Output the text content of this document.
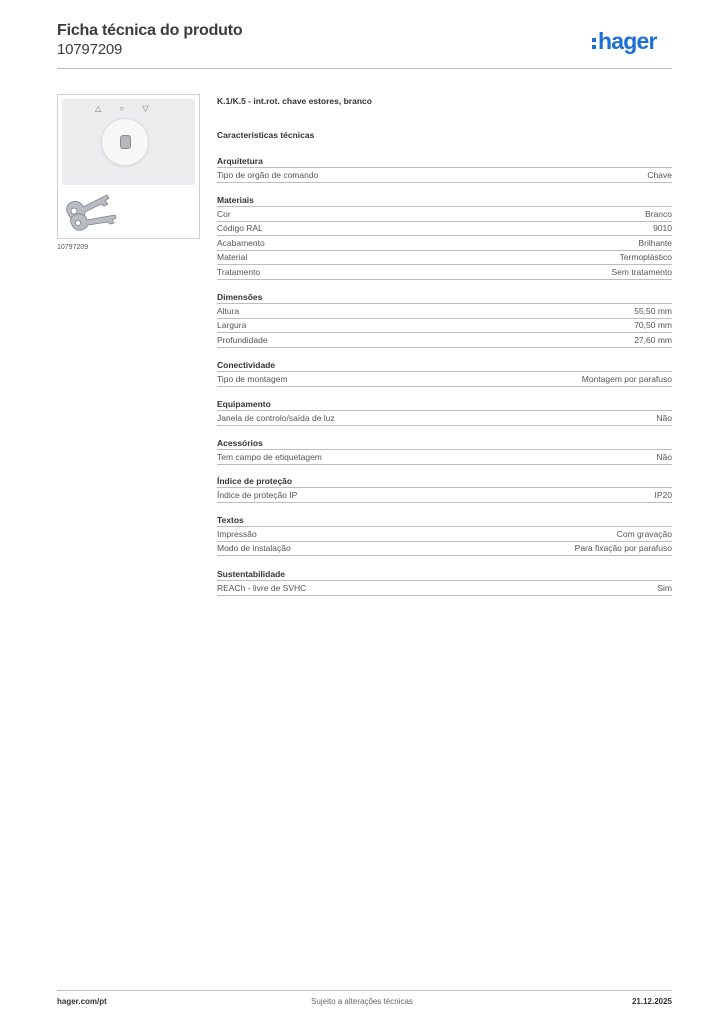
Ficha técnica do produto
10797209	hager
△ ○ ▽
10797209
K.1/K.5 - int.rot. chave estores, branco
Características técnicas
Arquitetura
Tipo de orgão de comando	Chave
Materiais
Cor	Branco
Código RAL	9010
Acabamento	Brilhante
Material	Termoplástico
Tratamento	Sem tratamento
Dimensões
Altura	55,50 mm
Largura	70,50 mm
Profundidade	27,60 mm
Conectividade
Tipo de montagem	Montagem por parafuso
Equipamento
Janela de controlo/saída de luz	Não
Acessórios
Tem campo de etiquetagem	Não
Índice de proteção
Índice de proteção IP	IP20
Textos
Impressão	Com gravação
Modo de instalação	Para fixação por parafuso
Sustentabilidade
REACh - livre de SVHC	Sim
hager.com/pt	Sujeito a alterações técnicas	21.12.2025
